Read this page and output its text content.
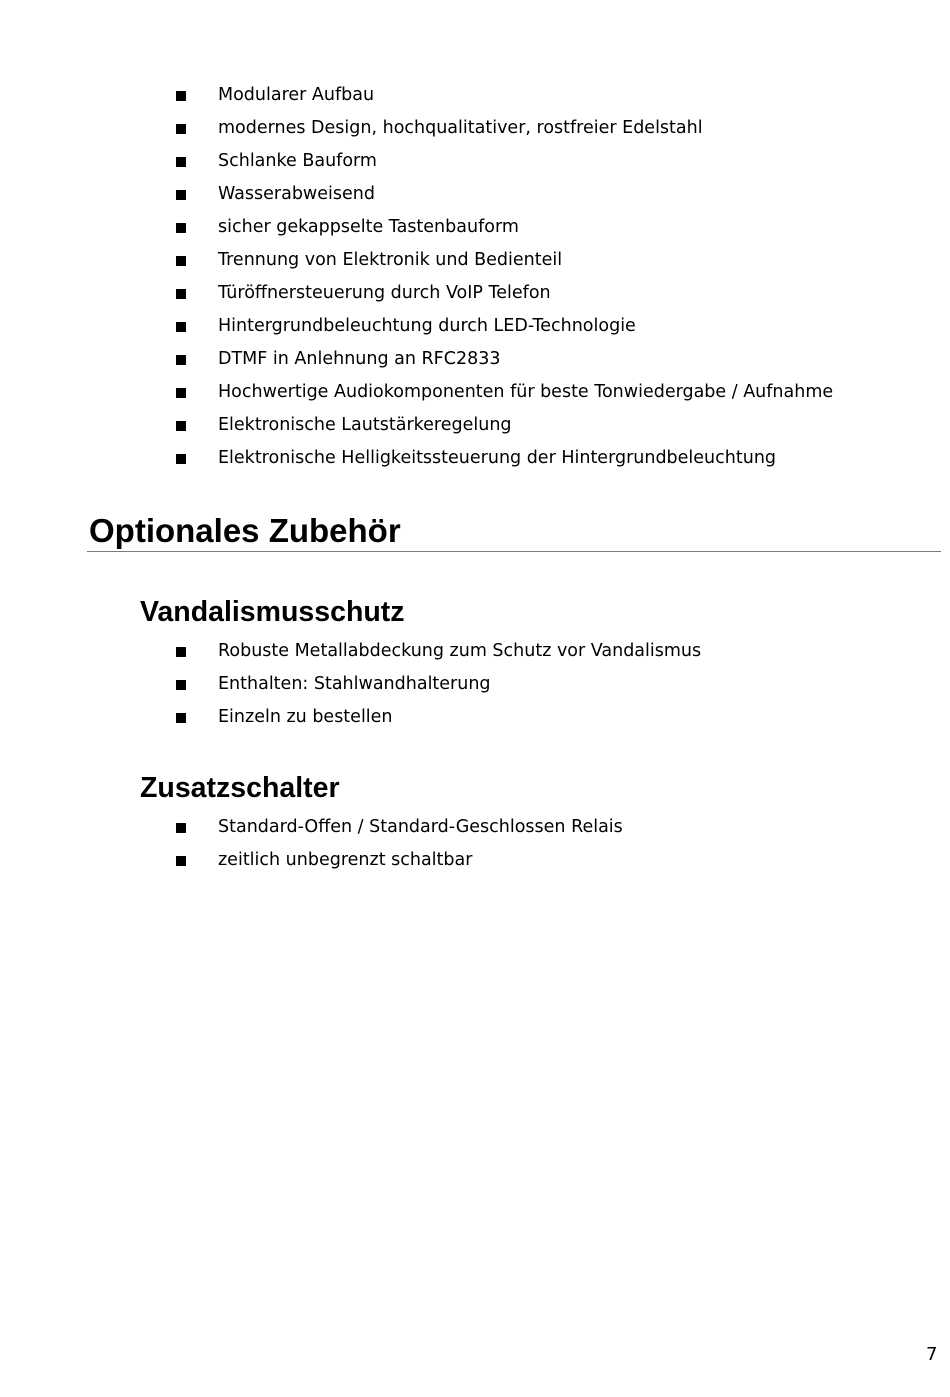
Modularer Aufbau
modernes Design, hochqualitativer, rostfreier Edelstahl
Schlanke Bauform
Wasserabweisend
sicher gekappselte Tastenbauform
Trennung von Elektronik und Bedienteil
Türöffnersteuerung durch VoIP Telefon
Hintergrundbeleuchtung durch LED-Technologie
DTMF in Anlehnung an RFC2833
Hochwertige Audiokomponenten für beste Tonwiedergabe / Aufnahme
Elektronische Lautstärkeregelung
Elektronische Helligkeitssteuerung der Hintergrundbeleuchtung
Optionales Zubehör
Vandalismusschutz
Robuste Metallabdeckung zum Schutz vor Vandalismus
Enthalten: Stahlwandhalterung
Einzeln zu bestellen
Zusatzschalter
Standard-Offen / Standard-Geschlossen Relais
zeitlich unbegrenzt schaltbar
7
